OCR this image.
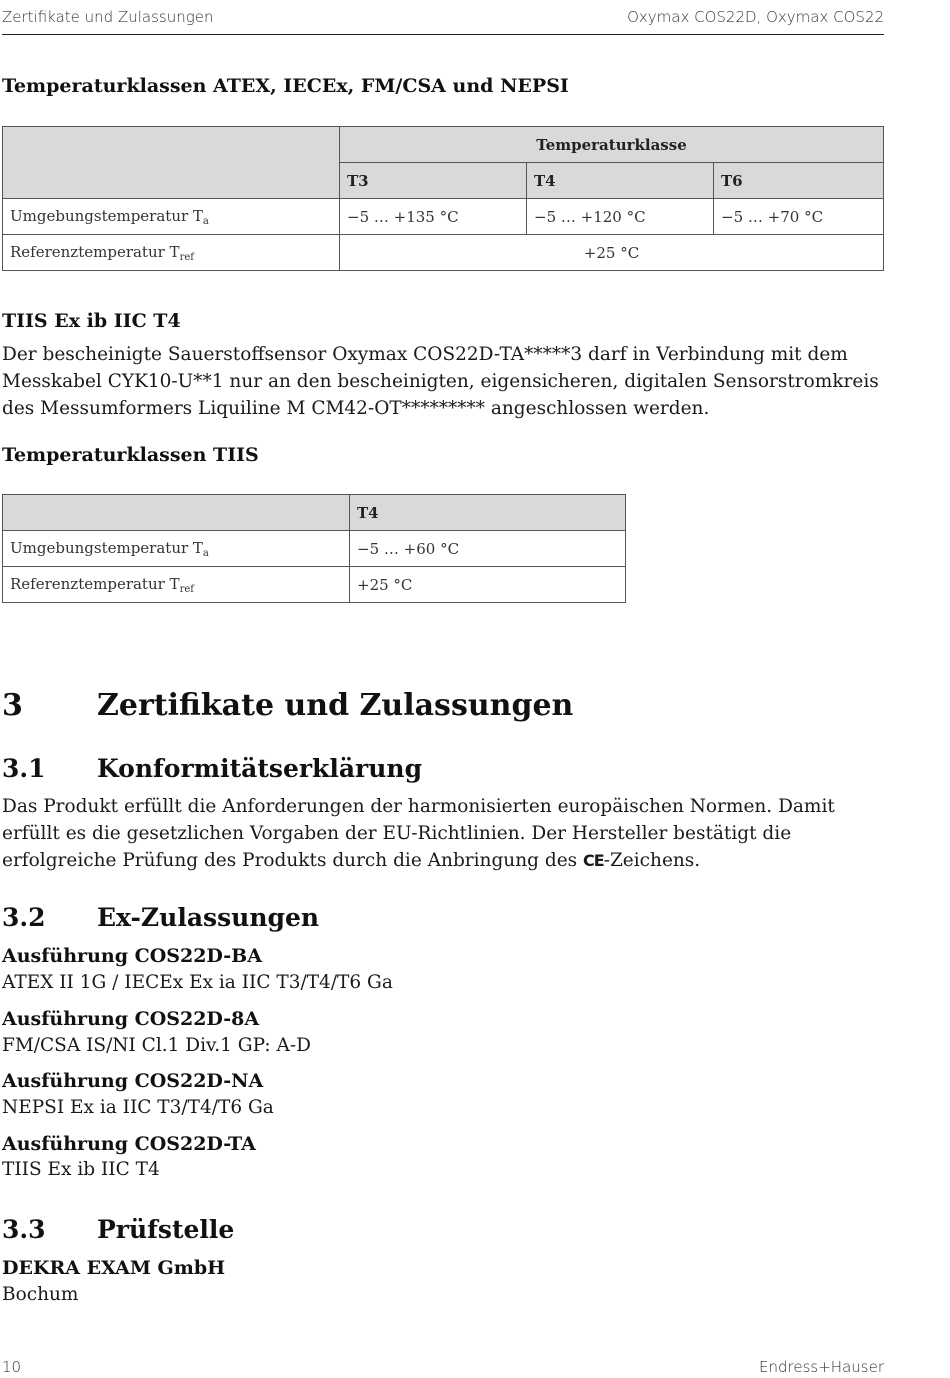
Zertifikate und Zulassungen	Oxymax COS22D, Oxymax COS22
Temperaturklassen ATEX, IECEx, FM/CSA und NEPSI
	Temperaturklasse		
	T3	T4	T6
Umgebungstemperatur $T_a$	−5 … +135 °C	−5 … +120 °C	−5 … +70 °C
Referenztemperatur $T_{ref}$	+25 °C		
TIIS Ex ib IIC T4
Der bescheinigte Sauerstoffsensor Oxymax COS22D-TA*****3 darf in Verbindung mit dem Messkabel CYK10-U**1 nur an den bescheinigten, eigensicheren, digitalen Sensorstromkreis des Messumformers Liquiline M CM42-OT********* angeschlossen werden.
Temperaturklassen TIIS
	T4
Umgebungstemperatur $T_a$	−5 … +60 °C
Referenztemperatur $T_{ref}$	+25 °C
3 Zertifikate und Zulassungen
3.1 Konformitätserklärung
Das Produkt erfüllt die Anforderungen der harmonisierten europäischen Normen. Damit erfüllt es die gesetzlichen Vorgaben der EU-Richtlinien. Der Hersteller bestätigt die erfolgreiche Prüfung des Produkts durch die Anbringung des CE-Zeichens.
3.2 Ex-Zulassungen
Ausführung COS22D-BA
ATEX II 1G / IECEx Ex ia IIC T3/T4/T6 Ga
Ausführung COS22D-8A
FM/CSA IS/NI Cl.1 Div.1 GP: A-D
Ausführung COS22D-NA
NEPSI Ex ia IIC T3/T4/T6 Ga
Ausführung COS22D-TA
TIIS Ex ib IIC T4
3.3 Prüfstelle
DEKRA EXAM GmbH
Bochum
10	Endress+Hauser
